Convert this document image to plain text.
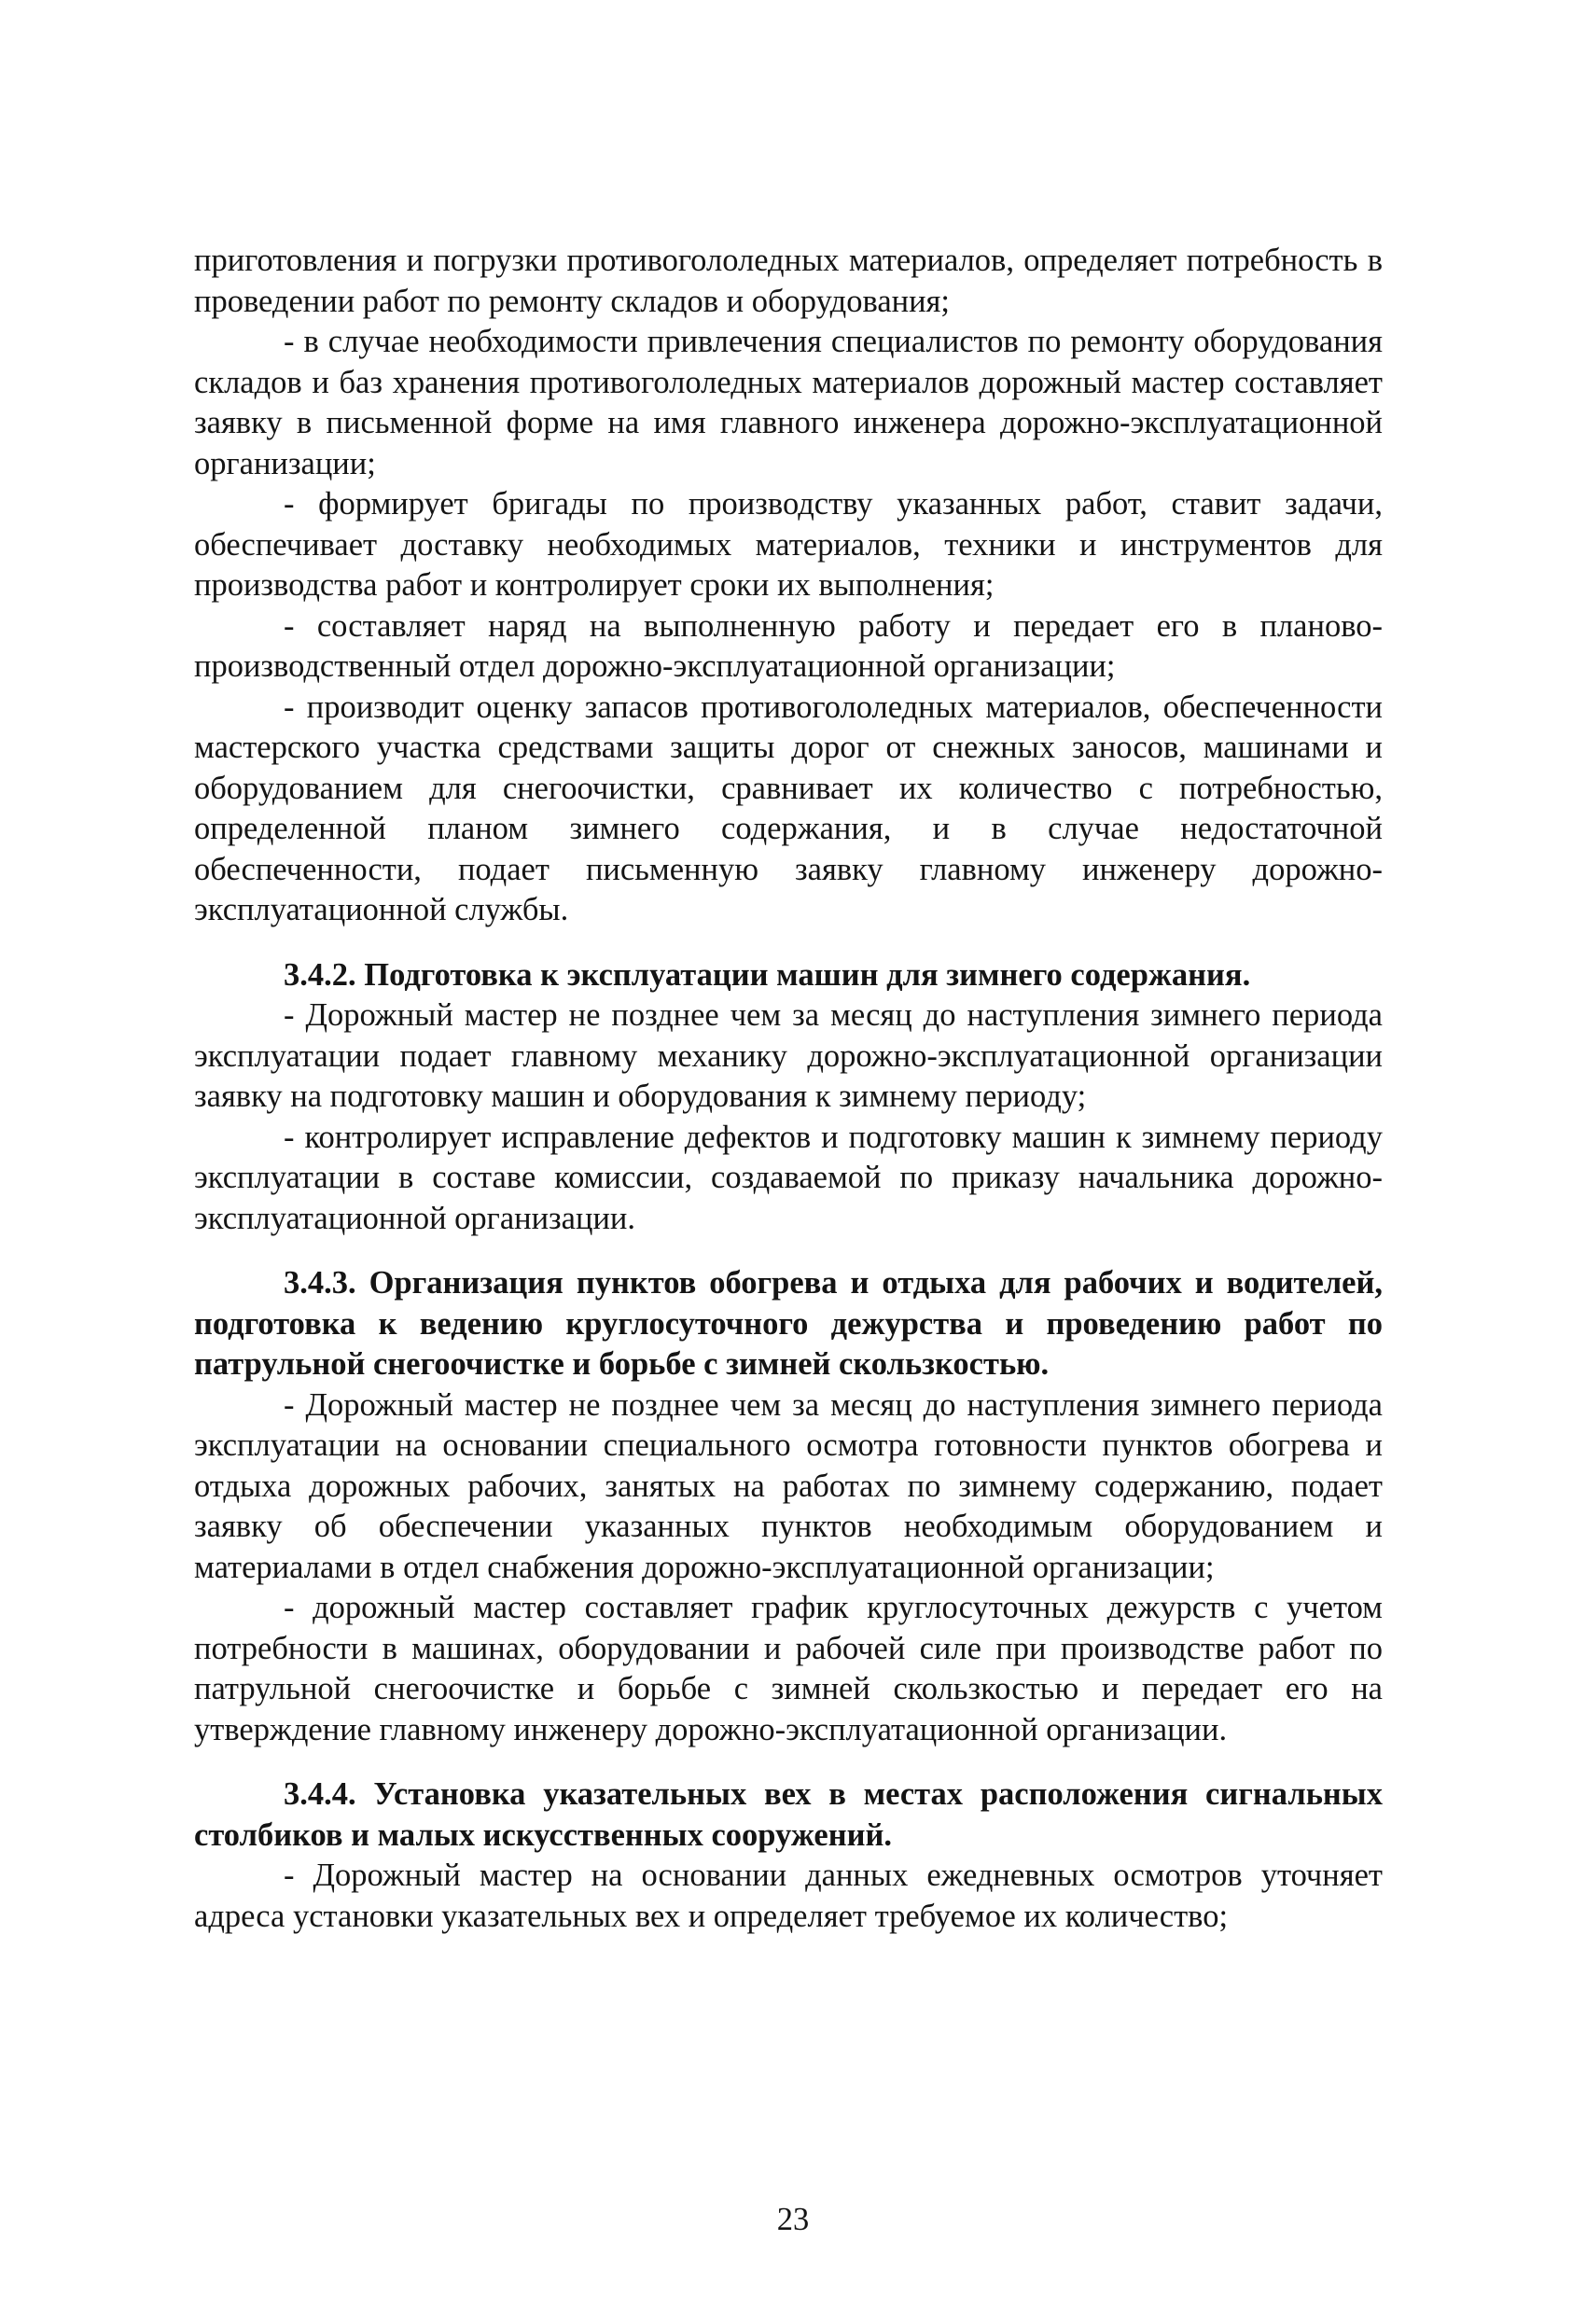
приготовления и погрузки противогололедных материалов, определяет потребность в проведении работ по ремонту складов и оборудования;

- в случае необходимости привлечения специалистов по ремонту оборудования складов и баз хранения противогололедных материалов дорожный мастер составляет заявку в письменной форме на имя главного инженера дорожно-эксплуатационной организации;

- формирует бригады по производству указанных работ, ставит задачи, обеспечивает доставку необходимых материалов, техники и инструментов для производства работ и контролирует сроки их выполнения;

- составляет наряд на выполненную работу и передает его в планово-производственный отдел дорожно-эксплуатационной организации;

- производит оценку запасов противогололедных материалов, обеспеченности мастерского участка средствами защиты дорог от снежных заносов, машинами и оборудованием для снегоочистки, сравнивает их количество с потребностью, определенной планом зимнего содержания, и в случае недостаточной обеспеченности, подает письменную заявку главному инженеру дорожно-эксплуатационной службы.

3.4.2. Подготовка к эксплуатации машин для зимнего содержания.

- Дорожный мастер не позднее чем за месяц до наступления зимнего периода эксплуатации подает главному механику дорожно-эксплуатационной организации заявку на подготовку машин и оборудования к зимнему периоду;

- контролирует исправление дефектов и подготовку машин к зимнему периоду эксплуатации в составе комиссии, создаваемой по приказу начальника дорожно-эксплуатационной организации.

3.4.3. Организация пунктов обогрева и отдыха для рабочих и водителей, подготовка к ведению круглосуточного дежурства и проведению работ по патрульной снегоочистке и борьбе с зимней скользкостью.

- Дорожный мастер не позднее чем за месяц до наступления зимнего периода эксплуатации на основании специального осмотра готовности пунктов обогрева и отдыха дорожных рабочих, занятых на работах по зимнему содержанию, подает заявку об обеспечении указанных пунктов необходимым оборудованием и материалами в отдел снабжения дорожно-эксплуатационной организации;

- дорожный мастер составляет график круглосуточных дежурств с учетом потребности в машинах, оборудовании и рабочей силе при производстве работ по патрульной снегоочистке и борьбе с зимней скользкостью и передает его на утверждение главному инженеру дорожно-эксплуатационной организации.

3.4.4. Установка указательных вех в местах расположения сигнальных столбиков и малых искусственных сооружений.

- Дорожный мастер на основании данных ежедневных осмотров уточняет адреса установки указательных вех и определяет требуемое их количество;

23
